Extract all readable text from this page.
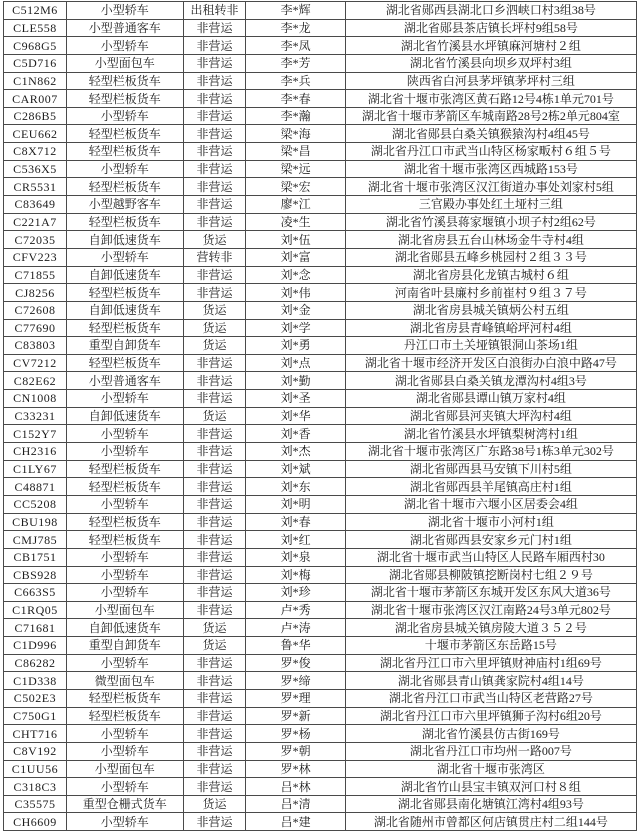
C512M6	小型轿车	出租转非	李*辉	湖北省郧西县湖北口乡泗峡口村3组38号
CLE558	小型普通客车	非营运	李*龙	湖北省郧县茶店镇长坪村9组58号
C968G5	小型轿车	非营运	李*凤	湖北省竹溪县水坪镇麻河塘村２组
C5D716	小型面包车	非营运	李*芳	湖北省竹溪县向坝乡双坪村3组
C1N862	轻型栏板货车	非营运	李*兵	陕西省白河县茅坪镇茅坪村三组
CAR007	轻型栏板货车	非营运	李*春	湖北省十堰市张湾区黄石路12号4栋1单元701号
C286B5	小型轿车	非营运	李*瀚	湖北省十堰市茅箭区车城南路28号2栋2单元804室
CEU662	轻型栏板货车	非营运	梁*海	湖北省郧县白桑关镇猴猿沟村4组45号
C8X712	轻型栏板货车	非营运	梁*昌	湖北省丹江口市武当山特区杨家畈村６组５号
C536X5	小型轿车	非营运	梁*远	湖北省十堰市张湾区西城路153号
CR5531	轻型栏板货车	非营运	梁*宏	湖北省十堰市张湾区汉江街道办事处刘家村5组
C83649	小型越野客车	非营运	廖*江	三官殿办事处红土垭村三组
C221A7	轻型栏板货车	非营运	凌*生	湖北省竹溪县蒋家堰镇小坝子村2组62号
C72035	自卸低速货车	货运	刘*伍	湖北省房县五台山林场金牛寺村4组
CFV223	小型轿车	营转非	刘*富	湖北省郧县五峰乡桃园村２组３３号
C71855	自卸低速货车	非营运	刘*念	湖北省房县化龙镇古城村６组
CJ8256	轻型栏板货车	非营运	刘*伟	河南省叶县廉村乡前崔村９组３７号
C72608	自卸低速货车	货运	刘*金	湖北省房县城关镇炳公村五组
C77690	轻型栏板货车	货运	刘*学	湖北省房县青峰镇峪坪河村4组
C83803	重型自卸货车	货运	刘*勇	丹江口市土关垭镇银洞山茶场1组
CV7212	轻型栏板货车	非营运	刘*点	湖北省十堰市经济开发区白浪街办白浪中路47号
C82E62	小型普通客车	非营运	刘*勤	湖北省郧县白桑关镇龙潭沟村4组3号
CN1008	小型轿车	非营运	刘*圣	湖北省郧县谭山镇万家村4组
C33231	自卸低速货车	货运	刘*华	湖北省郧县河夹镇大坪沟村4组
C152Y7	小型轿车	非营运	刘*香	湖北省竹溪县水坪镇梨树湾村1组
CH2316	小型轿车	非营运	刘*杰	湖北省十堰市张湾区广东路38号1栋3单元302号
C1LY67	轻型栏板货车	非营运	刘*斌	湖北省郧西县马安镇下川村5组
C48871	轻型栏板货车	非营运	刘*东	湖北省郧西县羊尾镇高庄村1组
CC5208	小型轿车	非营运	刘*明	湖北省十堰市六堰小区居委会4组
CBU198	轻型栏板货车	非营运	刘*春	湖北省十堰市小河村1组
CMJ785	轻型栏板货车	非营运	刘*红	湖北省郧西县安家乡元门村1组
CB1751	小型轿车	非营运	刘*泉	湖北省十堰市武当山特区人民路车厢西村30
CBS928	小型轿车	非营运	刘*梅	湖北省郧县柳陂镇挖断岗村七组２９号
C663S5	小型轿车	非营运	刘*珍	湖北省十堰市茅箭区东城开发区东风大道36号
C1RQ05	小型面包车	非营运	卢*秀	湖北省十堰市张湾区汉江南路24号3单元802号
C71681	自卸低速货车	货运	卢*涛	湖北省房县城关镇房陵大道３５２号
C1D996	重型自卸货车	货运	鲁*华	十堰市茅箭区东岳路15号
C86282	小型轿车	非营运	罗*俊	湖北省丹江口市六里坪镇财神庙村1组69号
C1D338	微型面包车	非营运	罗*缔	湖北省郧县青山镇龚家院村4组14号
C502E3	轻型栏板货车	非营运	罗*理	湖北省丹江口市武当山特区老营路27号
C750G1	轻型栏板货车	非营运	罗*新	湖北省丹江口市六里坪镇狮子沟村6组20号
CHT716	小型轿车	非营运	罗*杨	湖北省竹溪县仿古街169号
C8V192	小型轿车	非营运	罗*朝	湖北省丹江口市均州一路007号
C1UU56	小型面包车	非营运	罗*林	湖北省十堰市张湾区
C318C3	小型轿车	非营运	吕*林	湖北省竹山县宝丰镇双河口村８组
C35575	重型仓栅式货车	货运	吕*清	湖北省郧县南化塘镇江湾村4组93号
CH6609	小型轿车	非营运	吕*建	湖北省随州市曾都区何店镇贯庄村二组144号
